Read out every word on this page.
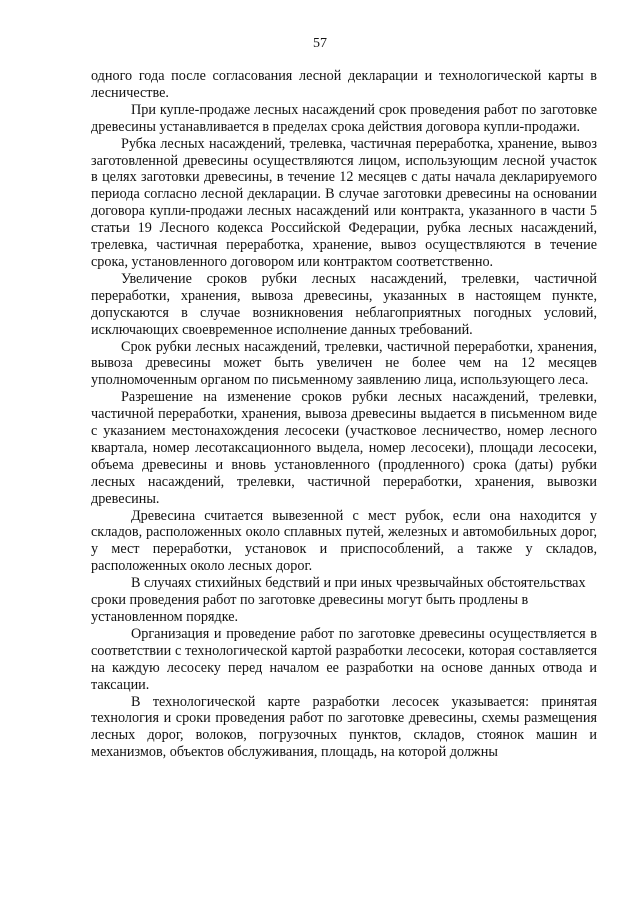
57

одного года после согласования лесной декларации и технологической карты в лесничестве.

При купле-продаже лесных насаждений срок проведения работ по заготовке древесины устанавливается в пределах срока действия договора купли-продажи.

Рубка лесных насаждений, трелевка, частичная переработка, хранение, вывоз заготовленной древесины осуществляются лицом, использующим лесной участок в целях заготовки древесины, в течение 12 месяцев с даты начала декларируемого периода согласно лесной декларации. В случае заготовки древесины на основании договора купли-продажи лесных насаждений или контракта, указанного в части 5 статьи 19 Лесного кодекса Российской Федерации, рубка лесных насаждений, трелевка, частичная переработка, хранение, вывоз осуществляются в течение срока, установленного договором или контрактом соответственно.

Увеличение сроков рубки лесных насаждений, трелевки, частичной переработки, хранения, вывоза древесины, указанных в настоящем пункте, допускаются в случае возникновения неблагоприятных погодных условий, исключающих своевременное исполнение данных требований.

Срок рубки лесных насаждений, трелевки, частичной переработки, хранения, вывоза древесины может быть увеличен не более чем на 12 месяцев уполномоченным органом по письменному заявлению лица, использующего леса.

Разрешение на изменение сроков рубки лесных насаждений, трелевки, частичной переработки, хранения, вывоза древесины выдается в письменном виде с указанием местонахождения лесосеки (участковое лесничество, номер лесного квартала, номер лесотаксационного выдела, номер лесосеки), площади лесосеки, объема древесины и вновь установленного (продленного) срока (даты) рубки лесных насаждений, трелевки, частичной переработки, хранения, вывозки древесины.

Древесина считается вывезенной с мест рубок, если она находится у складов, расположенных около сплавных путей, железных и автомобильных дорог, у мест переработки, установок и приспособлений, а также у складов, расположенных около лесных дорог.

В случаях стихийных бедствий и при иных чрезвычайных обстоятельствах сроки проведения работ по заготовке древесины могут быть продлены в установленном порядке.

Организация и проведение работ по заготовке древесины осуществляется в соответствии с технологической картой разработки лесосеки, которая составляется на каждую лесосеку перед началом ее разработки на основе данных отвода и таксации.

В технологической карте разработки лесосек указывается: принятая технология и сроки проведения работ по заготовке древесины, схемы размещения лесных дорог, волоков, погрузочных пунктов, складов, стоянок машин и механизмов, объектов обслуживания, площадь, на которой должны
